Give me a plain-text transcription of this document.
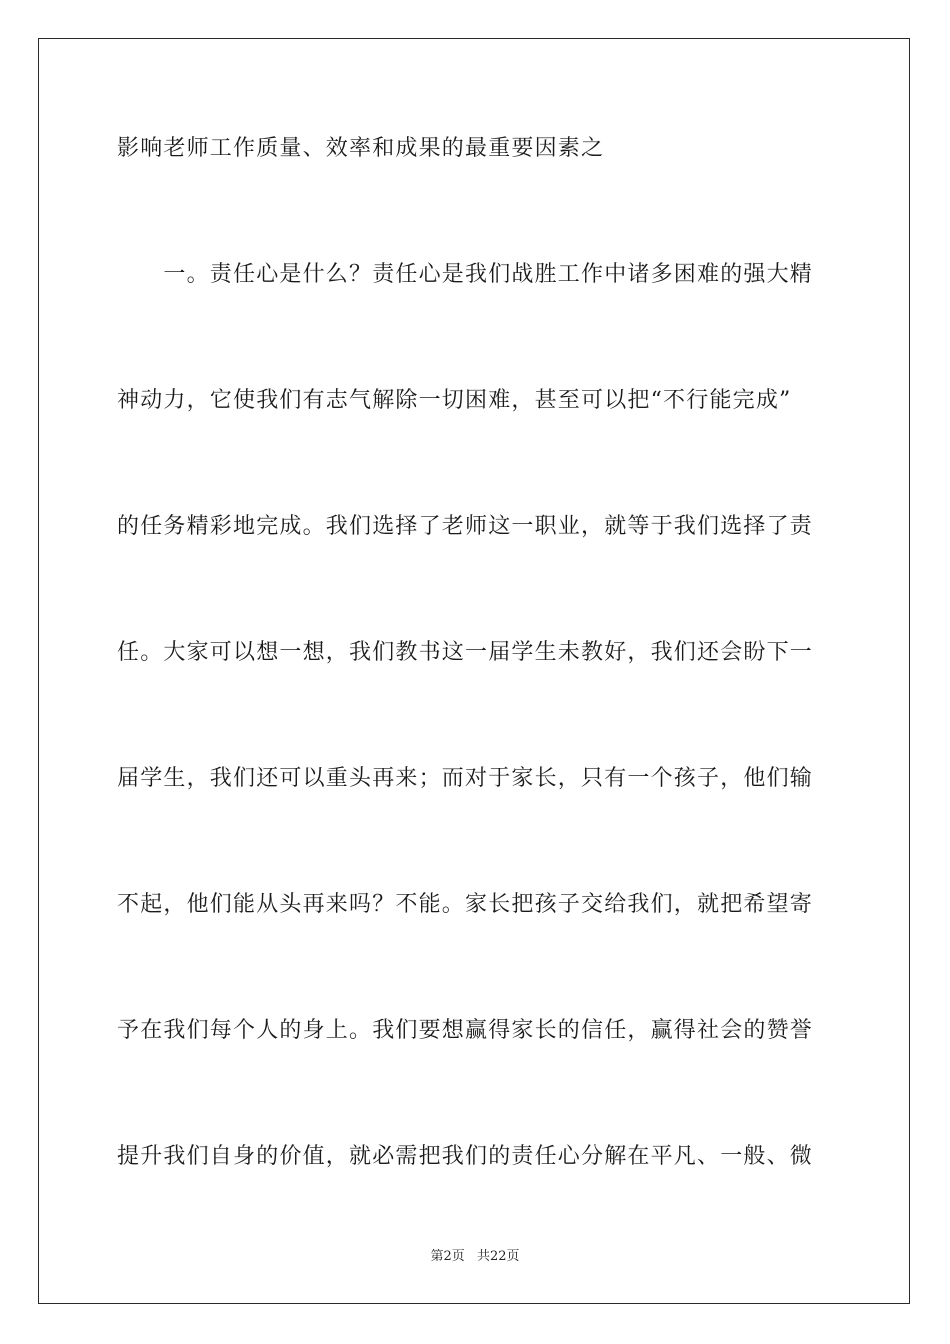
影响老师工作质量、效率和成果的最重要因素之
　　一。责任心是什么？责任心是我们战胜工作中诸多困难的强大精
神动力，它使我们有志气解除一切困难，甚至可以把“不行能完成”
的任务精彩地完成。我们选择了老师这一职业，就等于我们选择了责
任。大家可以想一想，我们教书这一届学生未教好，我们还会盼下一
届学生，我们还可以重头再来；而对于家长，只有一个孩子，他们输
不起，他们能从头再来吗？不能。家长把孩子交给我们，就把希望寄
予在我们每个人的身上。我们要想赢得家长的信任，赢得社会的赞誉
提升我们自身的价值，就必需把我们的责任心分解在平凡、一般、微
第2页 共22页
